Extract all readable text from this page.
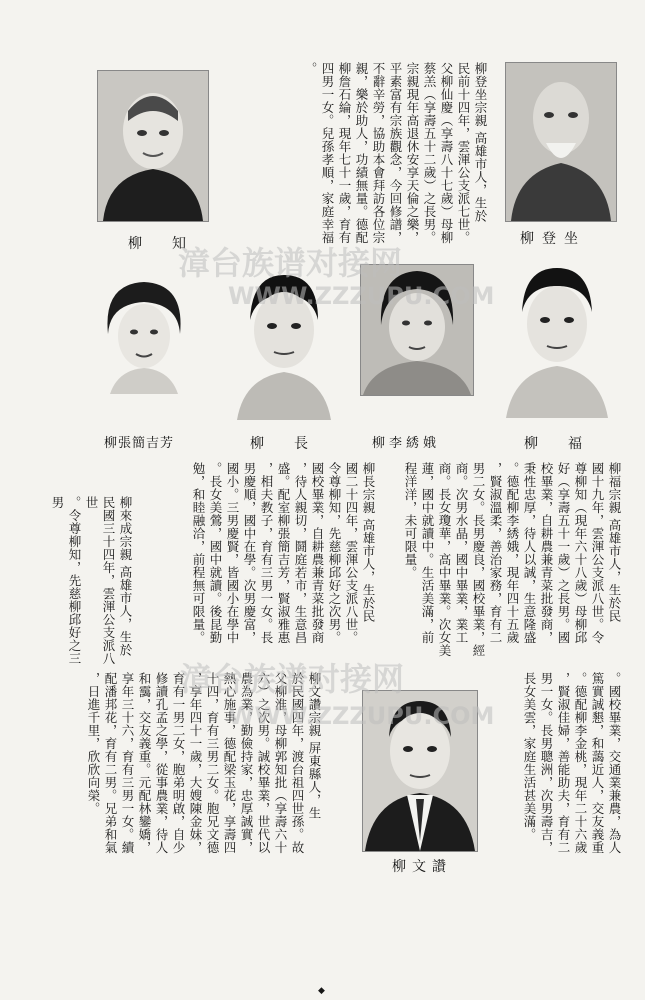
柳　知	柳登坐
柳張簡吉芳	柳　長	柳李綉娥	柳　福
柳文讚

柳登坐宗親 高雄市人，生於

民前十四年，雲渾公支派七世。

父柳仙慶（享壽八十七歲）母柳

蔡羔（享壽五十二歲）之長男。

宗親現年高退休安享天倫之樂，

平素富有宗族觀念，今回修譜，

不辭辛勞，協助本會拜訪各位宗

親，樂於助人，功績無量。德配

柳詹石綸，現年七十一歲，育有

四男一女。兒孫孝順，家庭幸福

。

柳福宗親 高雄市人，生於民

國十九年，雲渾公支派八世。令

尊柳知（現年六十八歲）母柳邱

好（享壽五十一歲）之長男。國

校畢業，自耕農兼青菜批發商，

秉性忠厚，待人以誠，生意隆盛

。德配柳李綉娥，現年四十五歲

，賢淑溫柔，善治家務，育有二

男二女。長男慶良，國校畢業，經

商。次男水晶，國中畢業，業工

商。長女瓊華，高中畢業。次女美

蓮，國中就讀中。生活美滿，前

程洋洋，未可限量。

柳長宗親 高雄市人，生於民

國二十四年，雲渾公支派八世。

令尊柳知，先慈柳邱好之次男。

國校畢業，自耕農兼青菜批發商

，待人親切，鬪庭若市，生意昌

盛。配室柳張簡吉芳，賢淑雅惠

，相夫教子，育有三男一女。長

男慶順，國中在學。次男慶富，

國小。三男慶賢，皆國小在學中

。長女美鶯，國中就讀。後昆勤

勉，和睦融洽，前程無可限量。

柳來成宗親 高雄市人，生於

民國三十四年，雲渾公支派八世

。令尊柳知，先慈柳邱好之三男

。國校畢業，交通業兼農，為人

篤實誠懇，和藹近人，交友義重

。德配柳李金桃，現年二十六歲

，賢淑佳婦，善能助夫，育有二

男一女。長男聰洲，次男壽吉，

長女美雲，家庭生活甚美滿。

柳文讚宗親 屏東縣人，生

於民國四年，渡台祖四世孫。故

父柳淮，母柳郭知批（享壽六十

六）之次男。誠校畢業，世代以

農為業，勤儉持家，忠厚誠實，

熱心施事，德配梁玉花，享壽四

十四，育有三男二女。胞兄文德

，享年四十一歲，大嫂陳金妹，

育有一男二女，胞弟明啟，自少

修讀孔孟之學，從事農業，待人

和靄，交友義重。元配林鑾嬌，

享年三十六，育有三男一女。續

配潘邦花，育有二男。兄弟和氣

，日進千里，欣欣向榮。

漳台族谱对接网
WWW.ZZZUPU.COM
漳台族谱对接网
WWW.ZZZUPU.COM
◆
